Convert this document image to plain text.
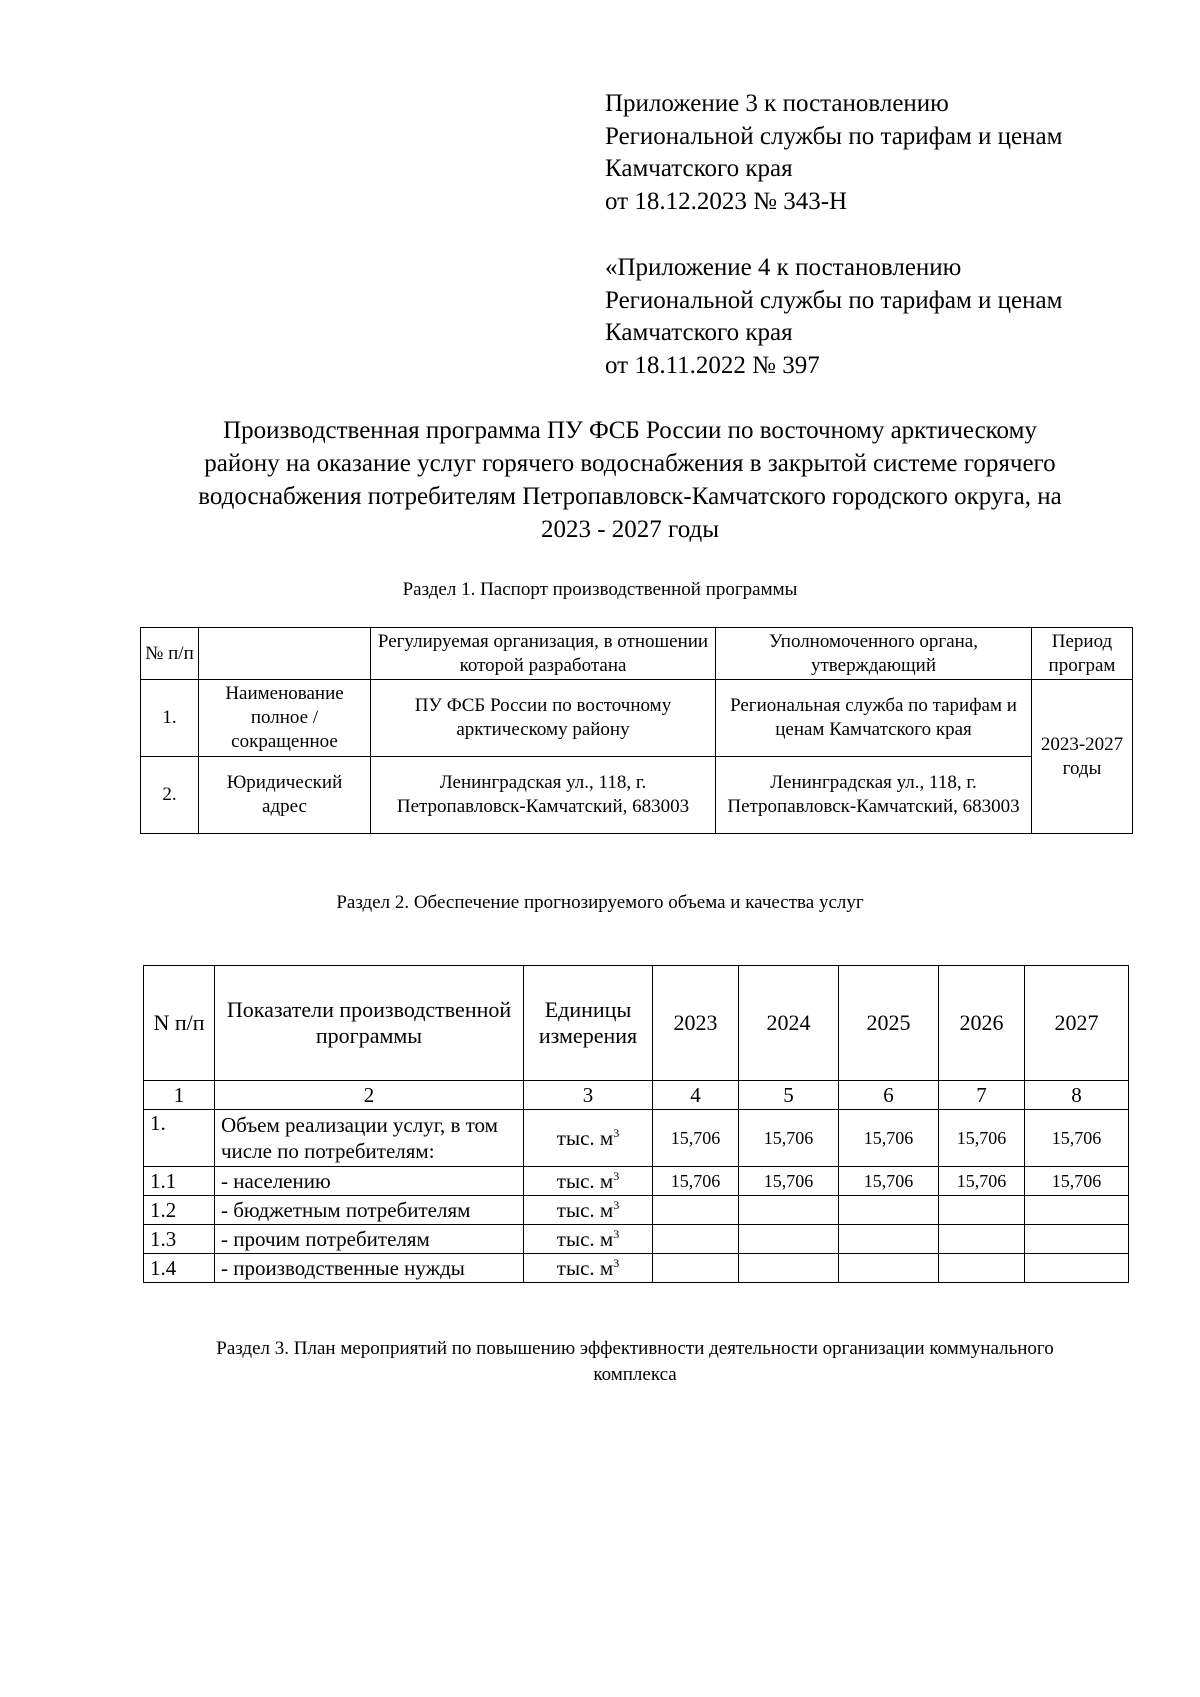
Приложение 3 к постановлению
Региональной службы по тарифам и ценам
Камчатского края
от 18.12.2023 № 343-Н
«Приложение 4 к постановлению
Региональной службы по тарифам и ценам
Камчатского края
от 18.11.2022 № 397
Производственная программа ПУ ФСБ России по восточному арктическому
району на оказание услуг горячего водоснабжения в закрытой системе горячего
водоснабжения потребителям Петропавловск-Камчатского городского округа, на
2023 - 2027 годы
Раздел 1. Паспорт производственной программы
№ п/п		Регулируемая организация, в отношении которой разработана	Уполномоченного органа, утверждающий	Период програм
1.	Наименование полное / сокращенное	ПУ ФСБ России по восточному арктическому району	Региональная служба по тарифам и ценам Камчатского края	2023-2027 годы
2.	Юридический адрес	Ленинградская ул., 118, г. Петропавловск-Камчатский, 683003	Ленинградская ул., 118, г. Петропавловск-Камчатский, 683003	
Раздел 2. Обеспечение прогнозируемого объема и качества услуг
N п/п	Показатели производственной программы	Единицы измерения	2023	2024	2025	2026	2027
1	2	3	4	5	6	7	8
1.	Объем реализации услуг, в том числе по потребителям:	тыс. $м^3$	15,706	15,706	15,706	15,706	15,706
1.1	- населению	тыс. $м^3$	15,706	15,706	15,706	15,706	15,706
1.2	- бюджетным потребителям	тыс. $м^3$					
1.3	- прочим потребителям	тыс. $м^3$					
1.4	- производственные нужды	тыс. $м^3$					
Раздел 3. План мероприятий по повышению эффективности деятельности организации коммунального комплекса
